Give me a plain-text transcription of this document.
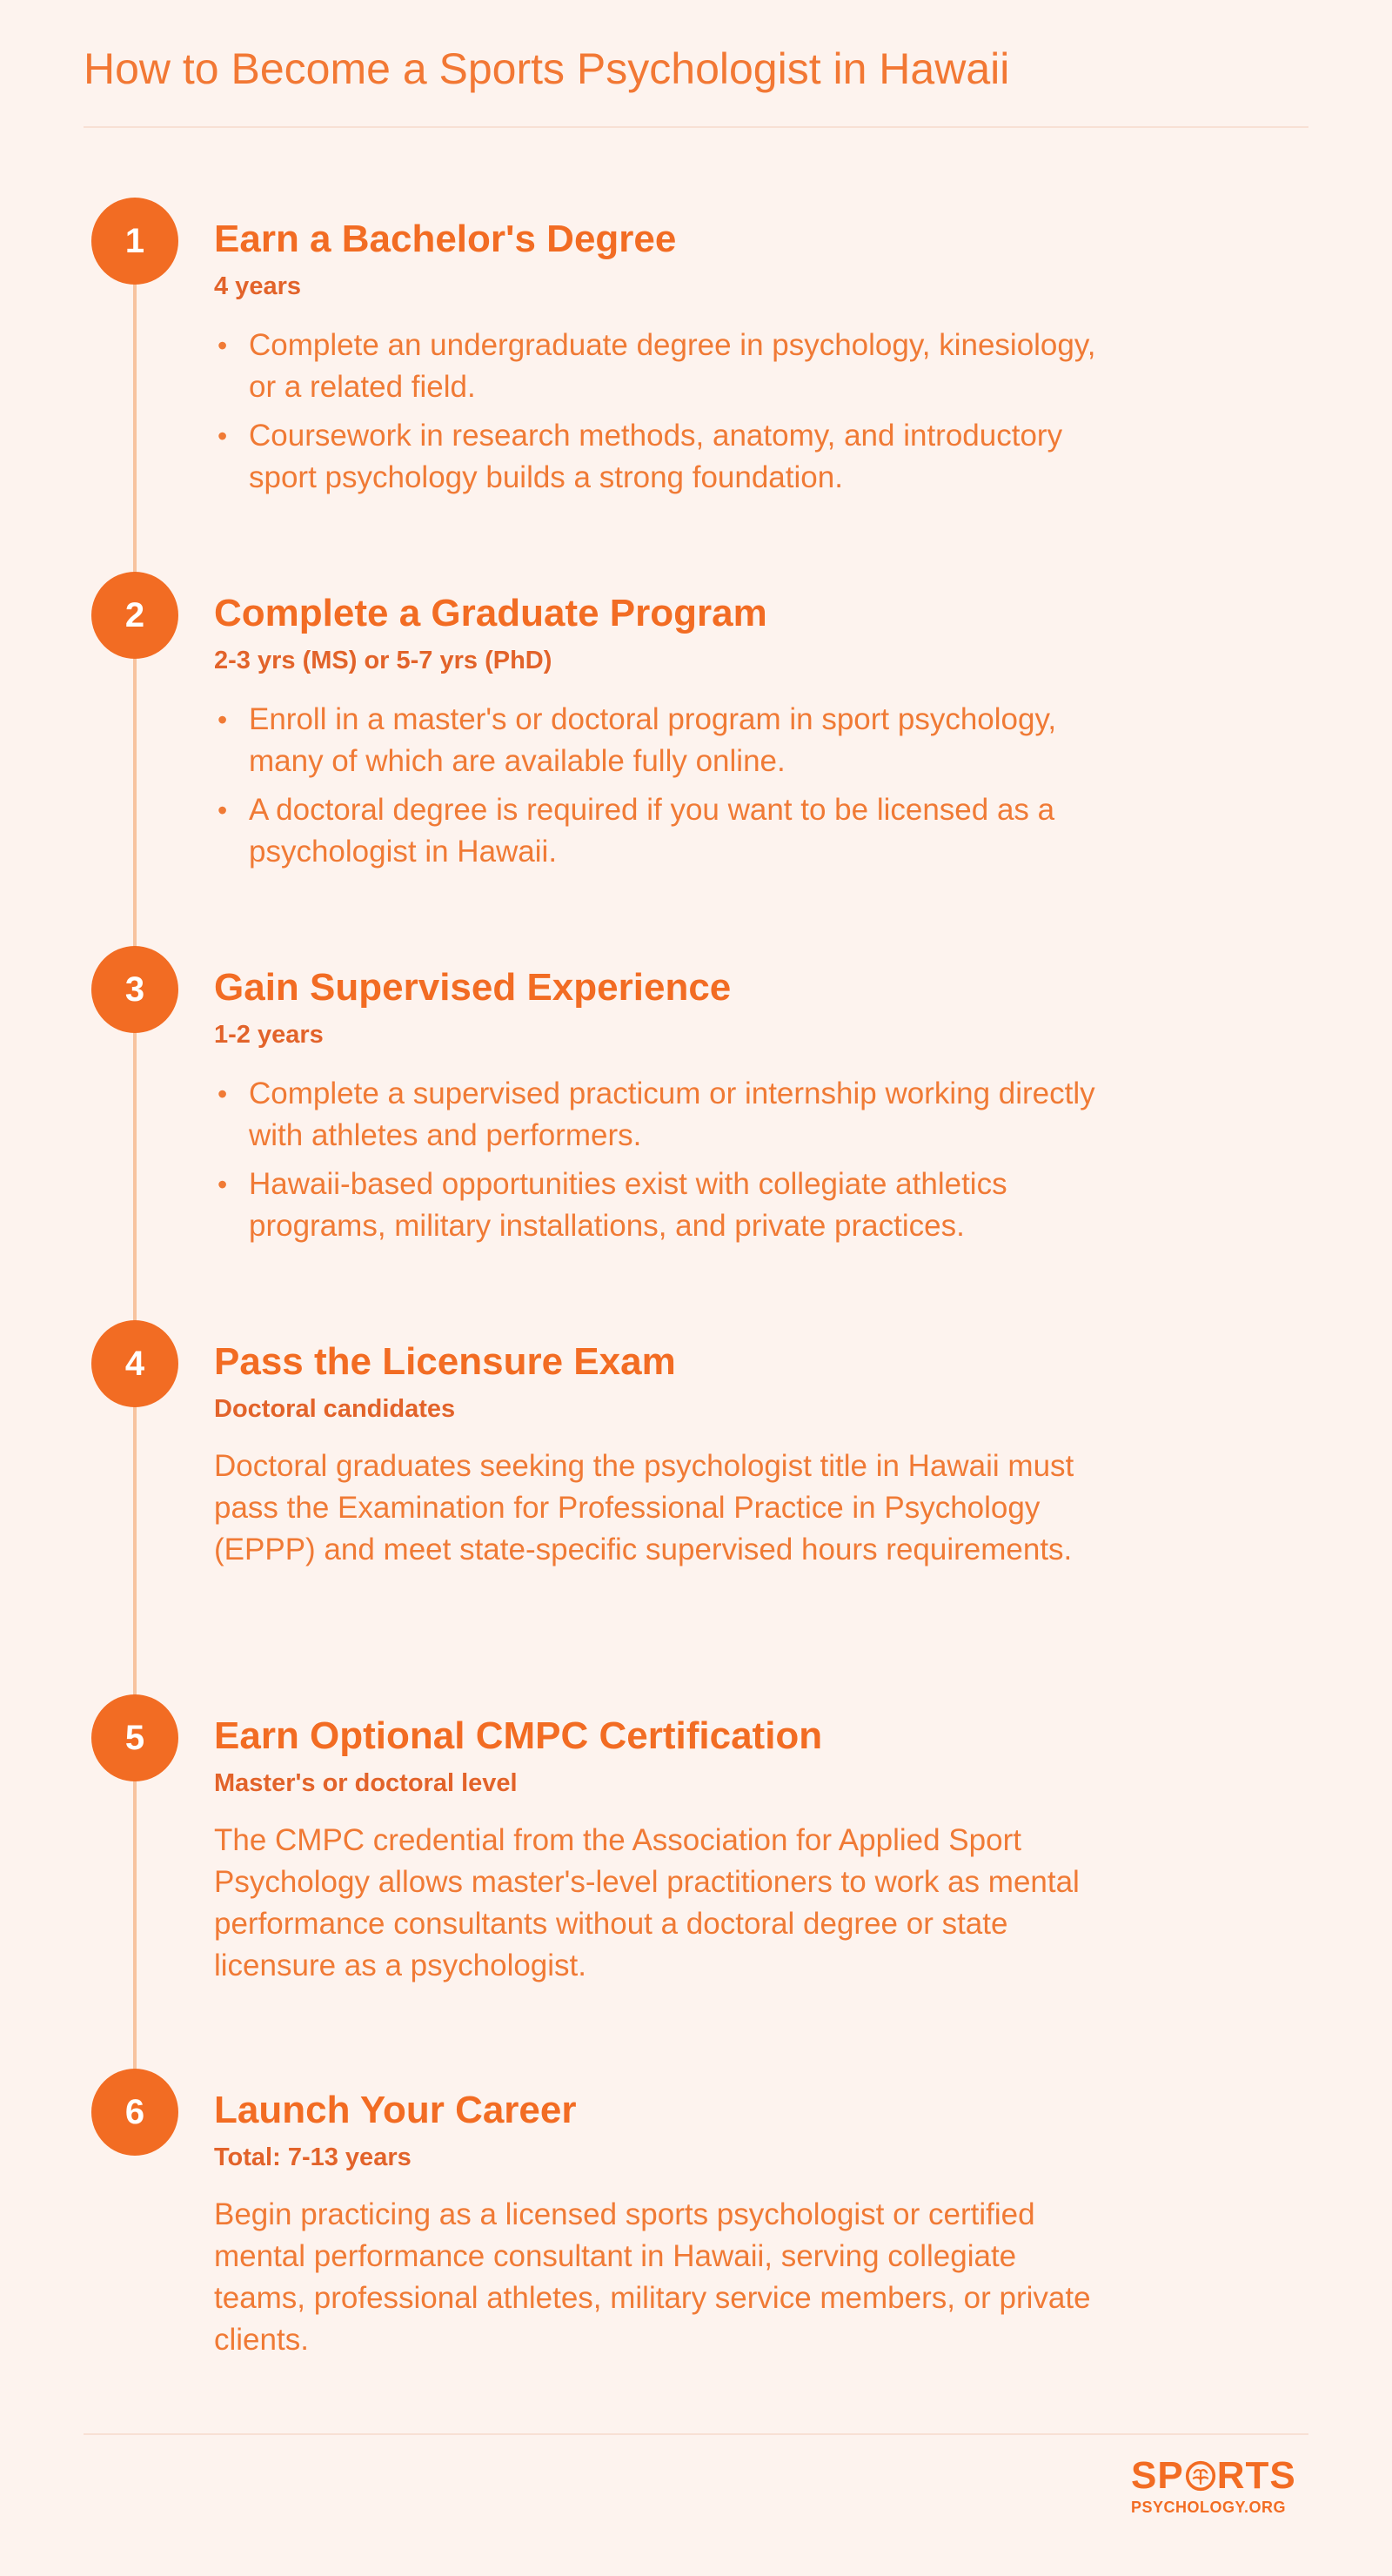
How to Become a Sports Psychologist in Hawaii
1	Earn a Bachelor's Degree
4 years
• Complete an undergraduate degree in psychology, kinesiology, or a related field.
• Coursework in research methods, anatomy, and introductory sport psychology builds a strong foundation.
2	Complete a Graduate Program
2-3 yrs (MS) or 5-7 yrs (PhD)
• Enroll in a master's or doctoral program in sport psychology, many of which are available fully online.
• A doctoral degree is required if you want to be licensed as a psychologist in Hawaii.
3	Gain Supervised Experience
1-2 years
• Complete a supervised practicum or internship working directly with athletes and performers.
• Hawaii-based opportunities exist with collegiate athletics programs, military installations, and private practices.
4	Pass the Licensure Exam
Doctoral candidates

Doctoral graduates seeking the psychologist title in Hawaii must pass the Examination for Professional Practice in Psychology (EPPP) and meet state-specific supervised hours requirements.

5	Earn Optional CMPC Certification
Master's or doctoral level

The CMPC credential from the Association for Applied Sport Psychology allows master's-level practitioners to work as mental performance consultants without a doctoral degree or state licensure as a psychologist.

6	Launch Your Career
Total: 7-13 years

Begin practicing as a licensed sports psychologist or certified mental performance consultant in Hawaii, serving collegiate teams, professional athletes, military service members, or private clients.

SP RTS
PSYCHOLOGY.ORG
